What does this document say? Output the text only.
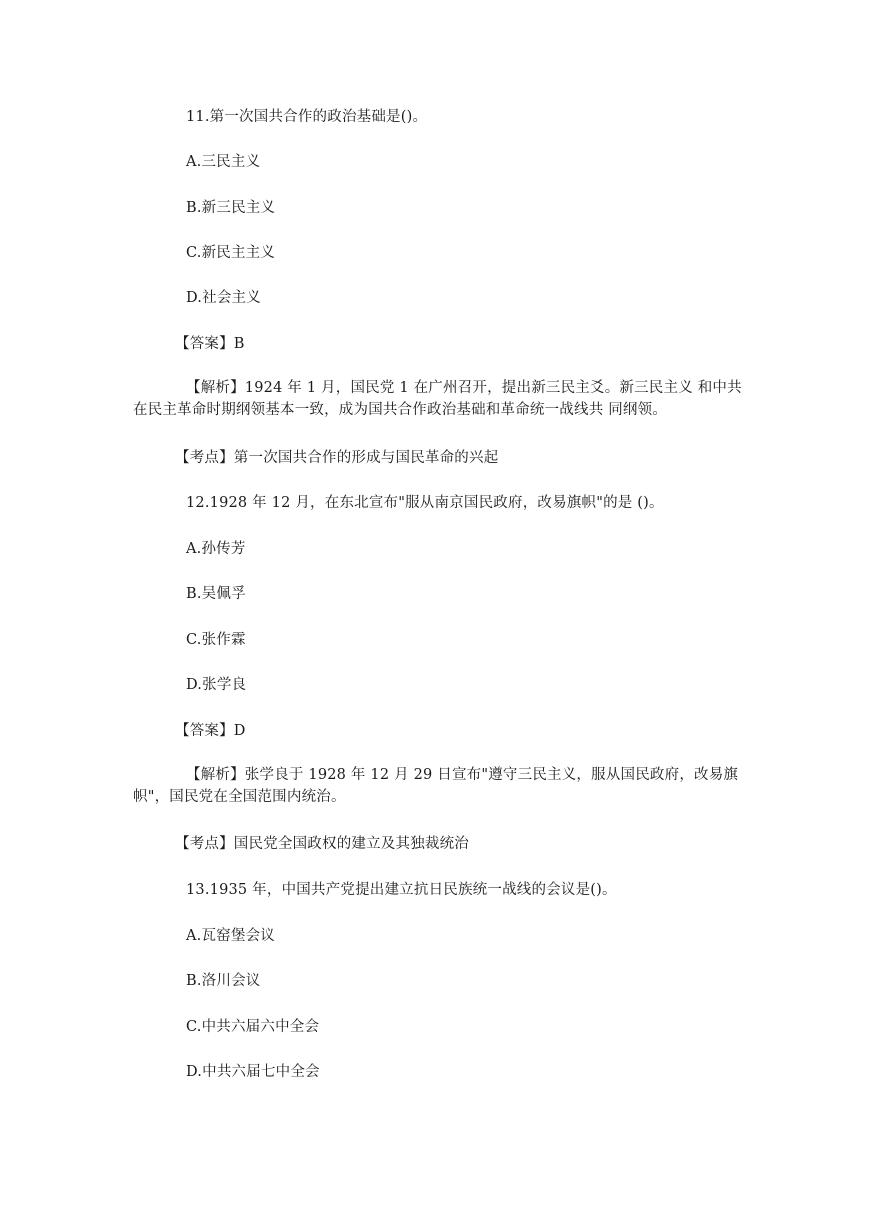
11.第一次国共合作的政治基础是()。
A.三民主义
B.新三民主义
C.新民主主义
D.社会主义
【答案】B
【解析】1924 年 1 月，国民党 1 在广州召开，提出新三民主爻。新三民主义 和中共在民主革命时期纲领基本一致，成为国共合作政治基础和革命统一战线共 同纲领。
【考点】第一次国共合作的形成与国民革命的兴起
12.1928 年 12 月，在东北宣布"服从南京国民政府，改易旗帜"的是 ()。
A.孙传芳
B.吴佩孚
C.张作霖
D.张学良
【答案】D
【解析】张学良于 1928 年 12 月 29 日宣布"遵守三民主义，服从国民政府，改易旗帜"，国民党在全国范围内统治。
【考点】国民党全国政权的建立及其独裁统治
13.1935 年，中国共产党提出建立抗日民族统一战线的会议是()。
A.瓦窑堡会议
B.洛川会议
C.中共六届六中全会
D.中共六届七中全会
